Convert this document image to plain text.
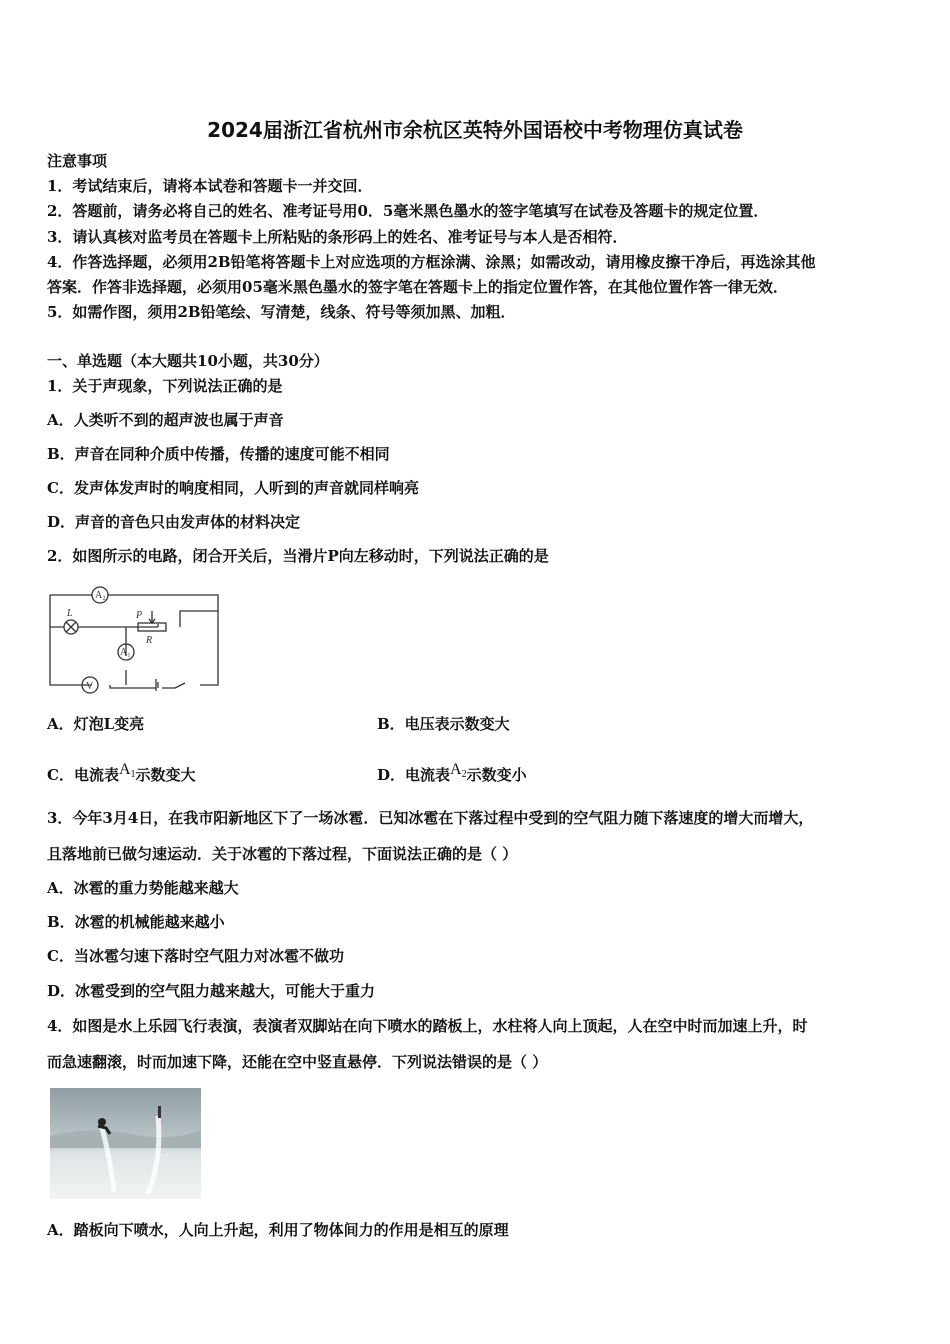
2024届浙江省杭州市余杭区英特外国语校中考物理仿真试卷
注意事项
1．考试结束后，请将本试卷和答题卡一并交回．
2．答题前，请务必将自己的姓名、准考证号用0．5毫米黑色墨水的签字笔填写在试卷及答题卡的规定位置．
3．请认真核对监考员在答题卡上所粘贴的条形码上的姓名、准考证号与本人是否相符．
4．作答选择题，必须用2B铅笔将答题卡上对应选项的方框涂满、涂黑；如需改动，请用橡皮擦干净后，再选涂其他
答案．作答非选择题，必须用05毫米黑色墨水的签字笔在答题卡上的指定位置作答，在其他位置作答一律无效．
5．如需作图，须用2B铅笔绘、写清楚，线条、符号等须加黑、加粗．
一、单选题（本大题共10小题，共30分）
1．关于声现象，下列说法正确的是
A．人类听不到的超声波也属于声音
B．声音在同种介质中传播，传播的速度可能不相同
C．发声体发声时的响度相同，人听到的声音就同样响亮
D．声音的音色只由发声体的材料决定
2．如图所示的电路，闭合开关后，当滑片P向左移动时，下列说法正确的是
A₂
L	P
R
A₁
V
A．灯泡L变亮	B．电压表示数变大
C．电流表$A^1$示数变大	D．电流表$A^2$示数变小
3．今年3月4日，在我市阳新地区下了一场冰雹．已知冰雹在下落过程中受到的空气阻力随下落速度的增大而增大，
且落地前已做匀速运动．关于冰雹的下落过程，下面说法正确的是（ ）
A．冰雹的重力势能越来越大
B．冰雹的机械能越来越小
C．当冰雹匀速下落时空气阻力对冰雹不做功
D．冰雹受到的空气阻力越来越大，可能大于重力
4．如图是水上乐园飞行表演，表演者双脚站在向下喷水的踏板上，水柱将人向上顶起，人在空中时而加速上升，时
而急速翻滚，时而加速下降，还能在空中竖直悬停．下列说法错误的是（ ）
A．踏板向下喷水，人向上升起，利用了物体间力的作用是相互的原理
